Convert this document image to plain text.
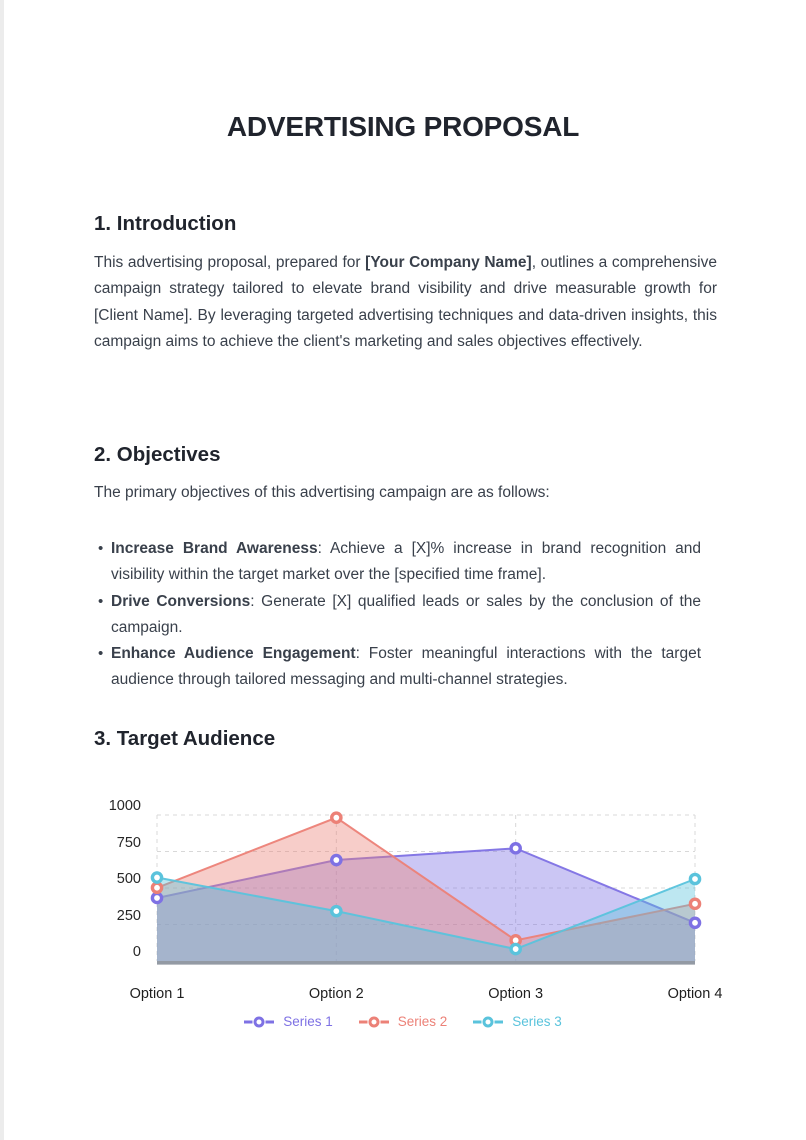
ADVERTISING PROPOSAL
1. Introduction

This advertising proposal, prepared for [Your Company Name], outlines a comprehensive campaign strategy tailored to elevate brand visibility and drive measurable growth for [Client Name]. By leveraging targeted advertising techniques and data-driven insights, this campaign aims to achieve the client's marketing and sales objectives effectively.

2. Objectives

The primary objectives of this advertising campaign are as follows:

• Increase Brand Awareness: Achieve a [X]% increase in brand recognition and visibility within the target market over the [specified time frame].
• Drive Conversions: Generate [X] qualified leads or sales by the conclusion of the campaign.
• Enhance Audience Engagement: Foster meaningful interactions with the target audience through tailored messaging and multi-channel strategies.
3. Target Audience
Series 1	Series 2	Series 3
0
250
500
750
1000
Option 1	Option 2	Option 3	Option 4
